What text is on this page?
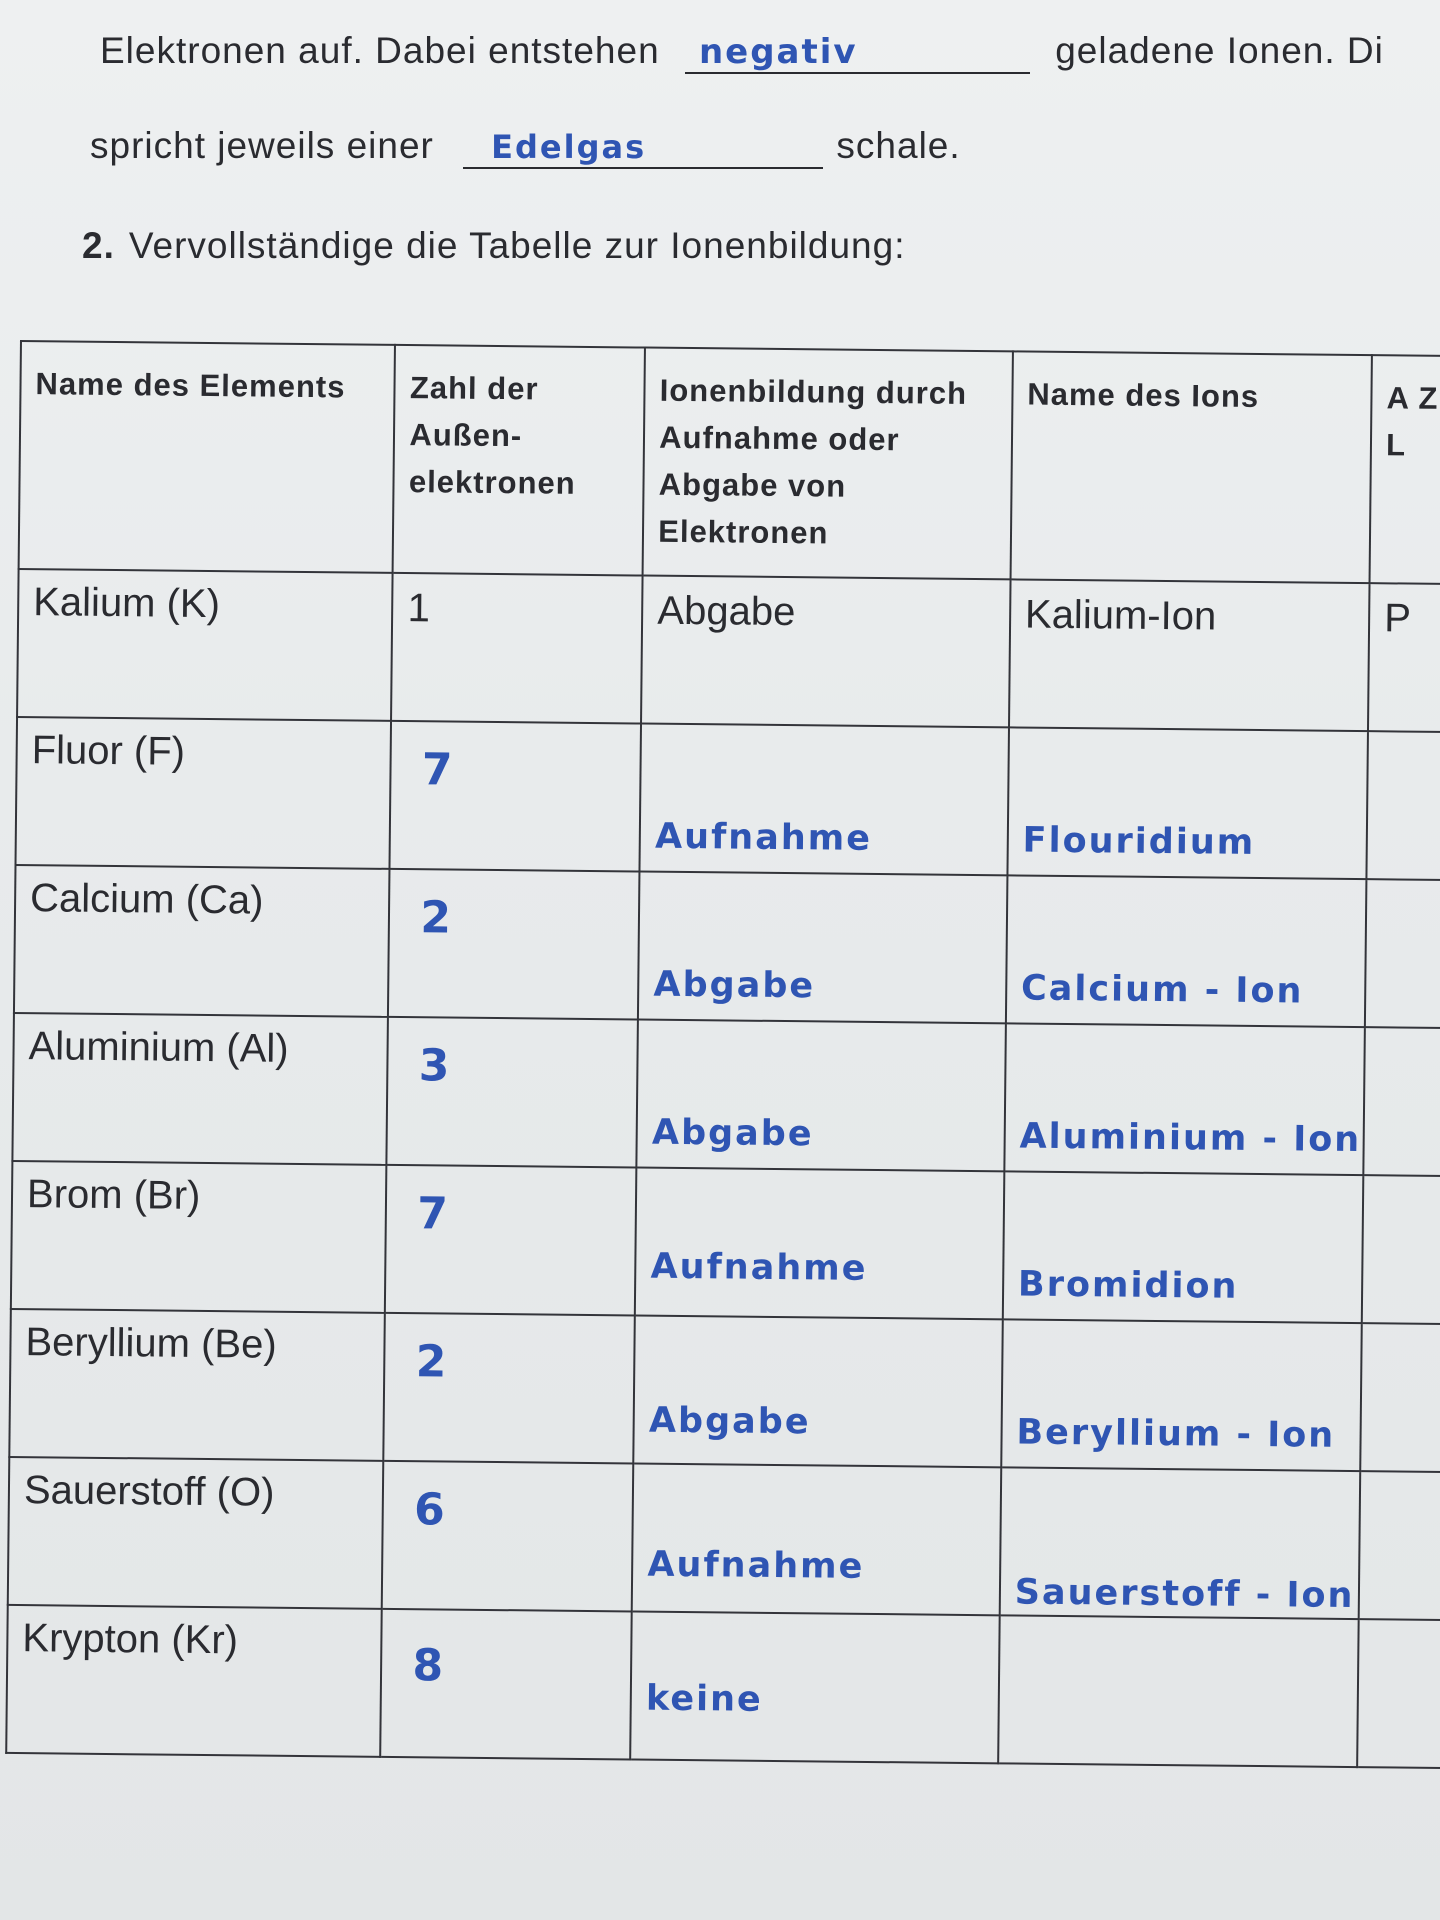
Elektronen auf. Dabei entstehen negativ	geladene Ionen. Di
spricht jeweils einer Edelgas	schale.
2. Vervollständige die Tabelle zur Ionenbildung:
Name des Elements	Zahl der Außen-elektronen	Ionenbildung durch Aufnahme oder Abgabe von Elektronen	Name des Ions	A Z L

Kalium (K)	1	Abgabe	Kalium-Ion	P

Fluor (F)	7	Aufnahme	Flouridium	

Calcium (Ca)	2	Abgabe	Calcium - Ion	

Aluminium (Al)	3	Abgabe	Aluminium - Ion	

Brom (Br)	7	Aufnahme	Bromidion	

Beryllium (Be)	2	Abgabe	Beryllium - Ion	

Sauerstoff (O)	6	Aufnahme	Sauerstoff - Ion	

Krypton (Kr)	8	keine		
